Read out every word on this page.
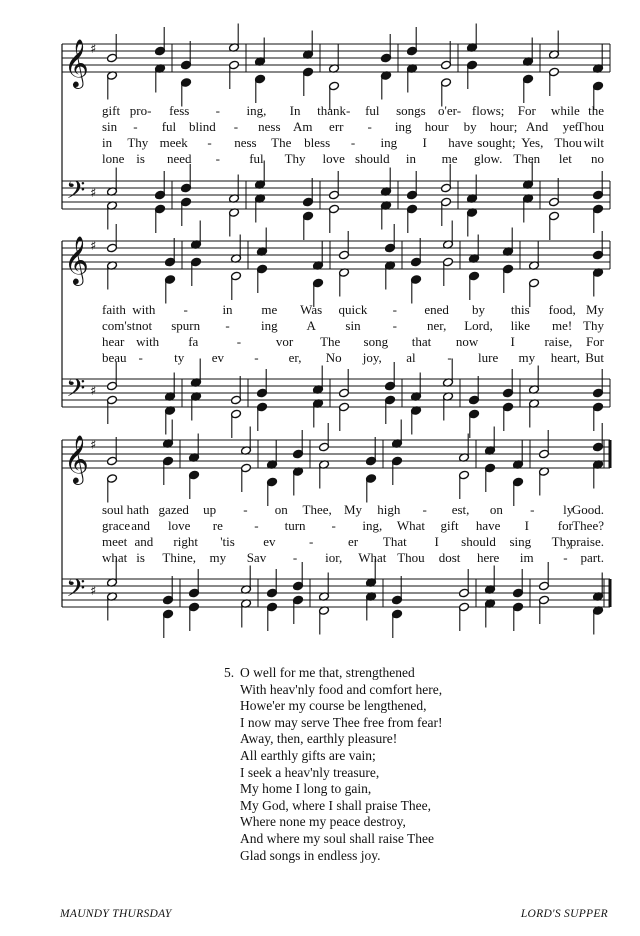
𝄞
𝄢
♯
♯
𝄞
𝄢
♯
♯
𝄞
𝄢
♯
♯
gift pro- fess - ing, In thank- ful songs o'er- flows; For while the
sin - ful blind - ness Am err - ing hour by hour; And yet
Thou
in Thy meek - ness The bless - ing I have sought; Yes, Thou wilt
lone is need - ful Thy love should in me glow. Then let no
faith with -	in me Was quick - ened by this food, My
com'st not spurn - ing A sin - ner, Lord, like me! Thy
hear with fa	-	vor The song that now I raise, For
beau - ty ev - er, No joy, al - lure my heart, But
soul hath gazed up - on Thee, My high - est, on - ly
Good.
grace and love re - turn - ing, What gift have I for Thee?
meet and right 'tis ev	-	er That I should sing Thy
praise.
what is Thine, my Sav - ior, What Thou dost here im - part.
5. O well for me that, strengthened
With heav'nly food and comfort here,
Howe'er my course be lengthened,
I now may serve Thee free from fear!
Away, then, earthly pleasure!
All earthly gifts are vain;
I seek a heav'nly treasure,
My home I long to gain,
My God, where I shall praise Thee,
Where none my peace destroy,
And where my soul shall raise Thee
Glad songs in endless joy.
MAUNDY THURSDAY	LORD'S SUPPER
